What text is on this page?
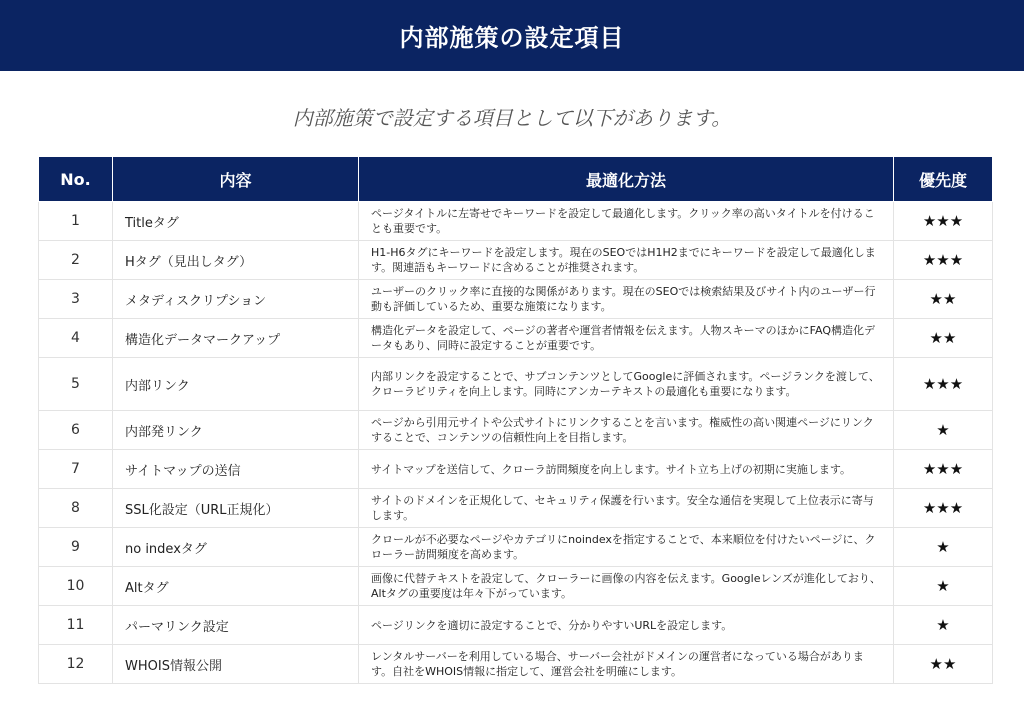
内部施策の設定項目
内部施策で設定する項目として以下があります。
No.	内容	最適化方法	優先度
1	Titleタグ	ページタイトルに左寄せでキーワードを設定して最適化します。クリック率の高いタイトルを付けることも重要です。	★★★
2	Hタグ（見出しタグ）	H1-H6タグにキーワードを設定します。現在のSEOではH1H2までにキーワードを設定して最適化します。関連語もキーワードに含めることが推奨されます。	★★★
3	メタディスクリプション	ユーザーのクリック率に直接的な関係があります。現在のSEOでは検索結果及びサイト内のユーザー行動も評価しているため、重要な施策になります。	★★
4	構造化データマークアップ	構造化データを設定して、ページの著者や運営者情報を伝えます。人物スキーマのほかにFAQ構造化データもあり、同時に設定することが重要です。	★★
5	内部リンク	内部リンクを設定することで、サブコンテンツとしてGoogleに評価されます。ページランクを渡して、クローラビリティを向上します。同時にアンカーテキストの最適化も重要になります。	★★★
6	内部発リンク	ページから引用元サイトや公式サイトにリンクすることを言います。権威性の高い関連ページにリンクすることで、コンテンツの信頼性向上を目指します。	★
7	サイトマップの送信	サイトマップを送信して、クローラ訪問頻度を向上します。サイト立ち上げの初期に実施します。	★★★
8	SSL化設定（URL正規化）	サイトのドメインを正規化して、セキュリティ保護を行います。安全な通信を実現して上位表示に寄与します。	★★★
9	no indexタグ	クロールが不必要なページやカテゴリにnoindexを指定することで、本来順位を付けたいページに、クローラー訪問頻度を高めます。	★
10	Altタグ	画像に代替テキストを設定して、クローラーに画像の内容を伝えます。Googleレンズが進化しており、Altタグの重要度は年々下がっています。	★
11	パーマリンク設定	ページリンクを適切に設定することで、分かりやすいURLを設定します。	★
12	WHOIS情報公開	レンタルサーバーを利用している場合、サーバー会社がドメインの運営者になっている場合があります。自社をWHOIS情報に指定して、運営会社を明確にします。	★★
